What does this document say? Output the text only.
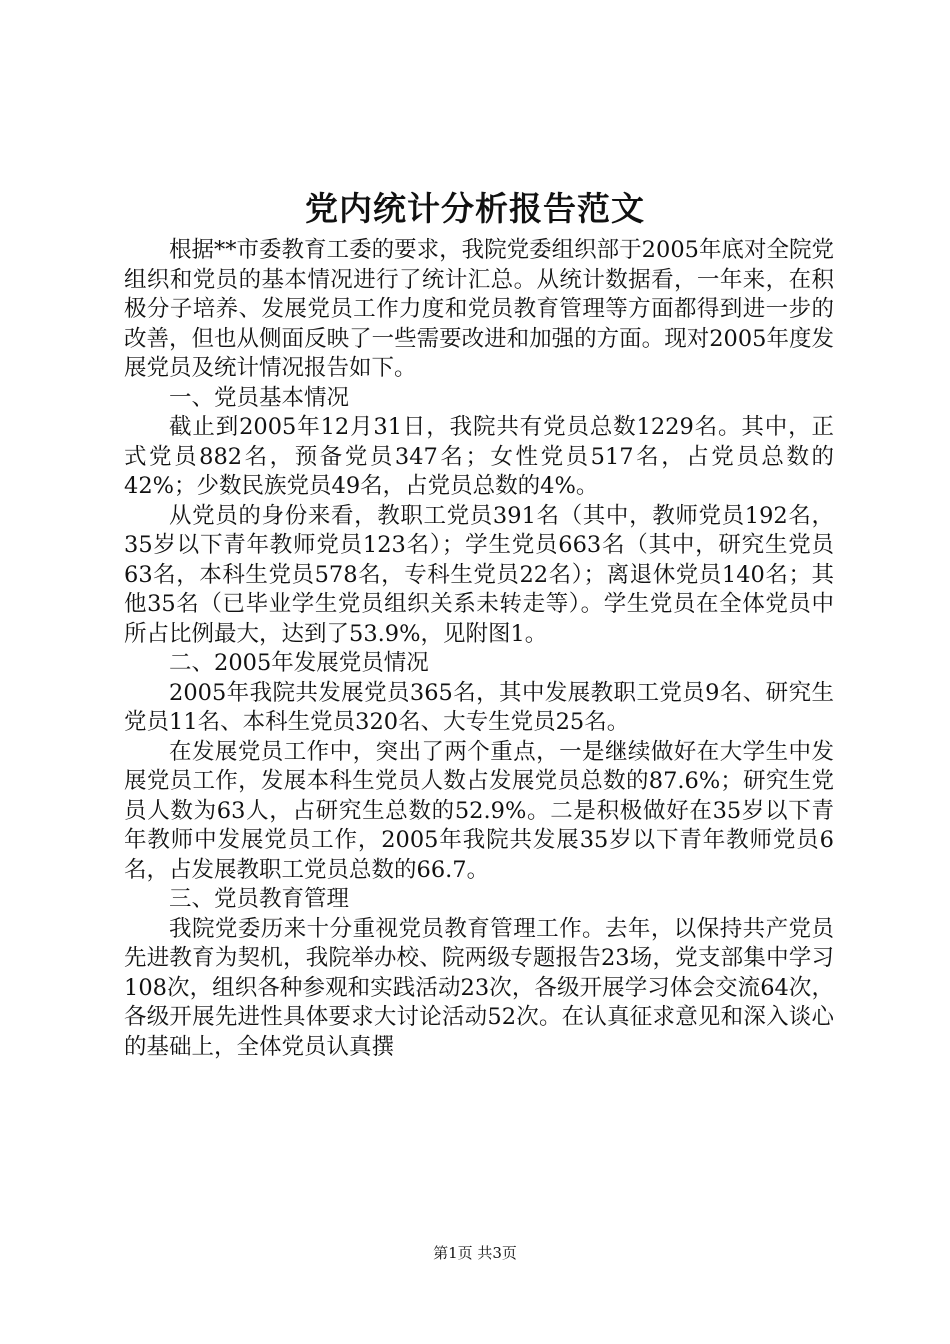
党内统计分析报告范文

根据**市委教育工委的要求，我院党委组织部于2005年底对全院党组织和党员的基本情况进行了统计汇总。从统计数据看，一年来，在积极分子培养、发展党员工作力度和党员教育管理等方面都得到进一步的改善，但也从侧面反映了一些需要改进和加强的方面。现对2005年度发展党员及统计情况报告如下。

一、党员基本情况

截止到2005年12月31日，我院共有党员总数1229名。其中，正式党员882名，预备党员347名；女性党员517名，占党员总数的42%；少数民族党员49名，占党员总数的4%。

从党员的身份来看，教职工党员391名（其中，教师党员192名，35岁以下青年教师党员123名）；学生党员663名（其中，研究生党员63名，本科生党员578名，专科生党员22名）；离退休党员140名；其他35名（已毕业学生党员组织关系未转走等）。学生党员在全体党员中所占比例最大，达到了53.9%，见附图1。

二、2005年发展党员情况

2005年我院共发展党员365名，其中发展教职工党员9名、研究生党员11名、本科生党员320名、大专生党员25名。

在发展党员工作中，突出了两个重点，一是继续做好在大学生中发展党员工作，发展本科生党员人数占发展党员总数的87.6%；研究生党员人数为63人，占研究生总数的52.9%。二是积极做好在35岁以下青年教师中发展党员工作，2005年我院共发展35岁以下青年教师党员6名，占发展教职工党员总数的66.7。

三、党员教育管理

我院党委历来十分重视党员教育管理工作。去年，以保持共产党员先进教育为契机，我院举办校、院两级专题报告23场，党支部集中学习108次，组织各种参观和实践活动23次，各级开展学习体会交流64次，各级开展先进性具体要求大讨论活动52次。在认真征求意见和深入谈心的基础上，全体党员认真撰

第1页 共3页
